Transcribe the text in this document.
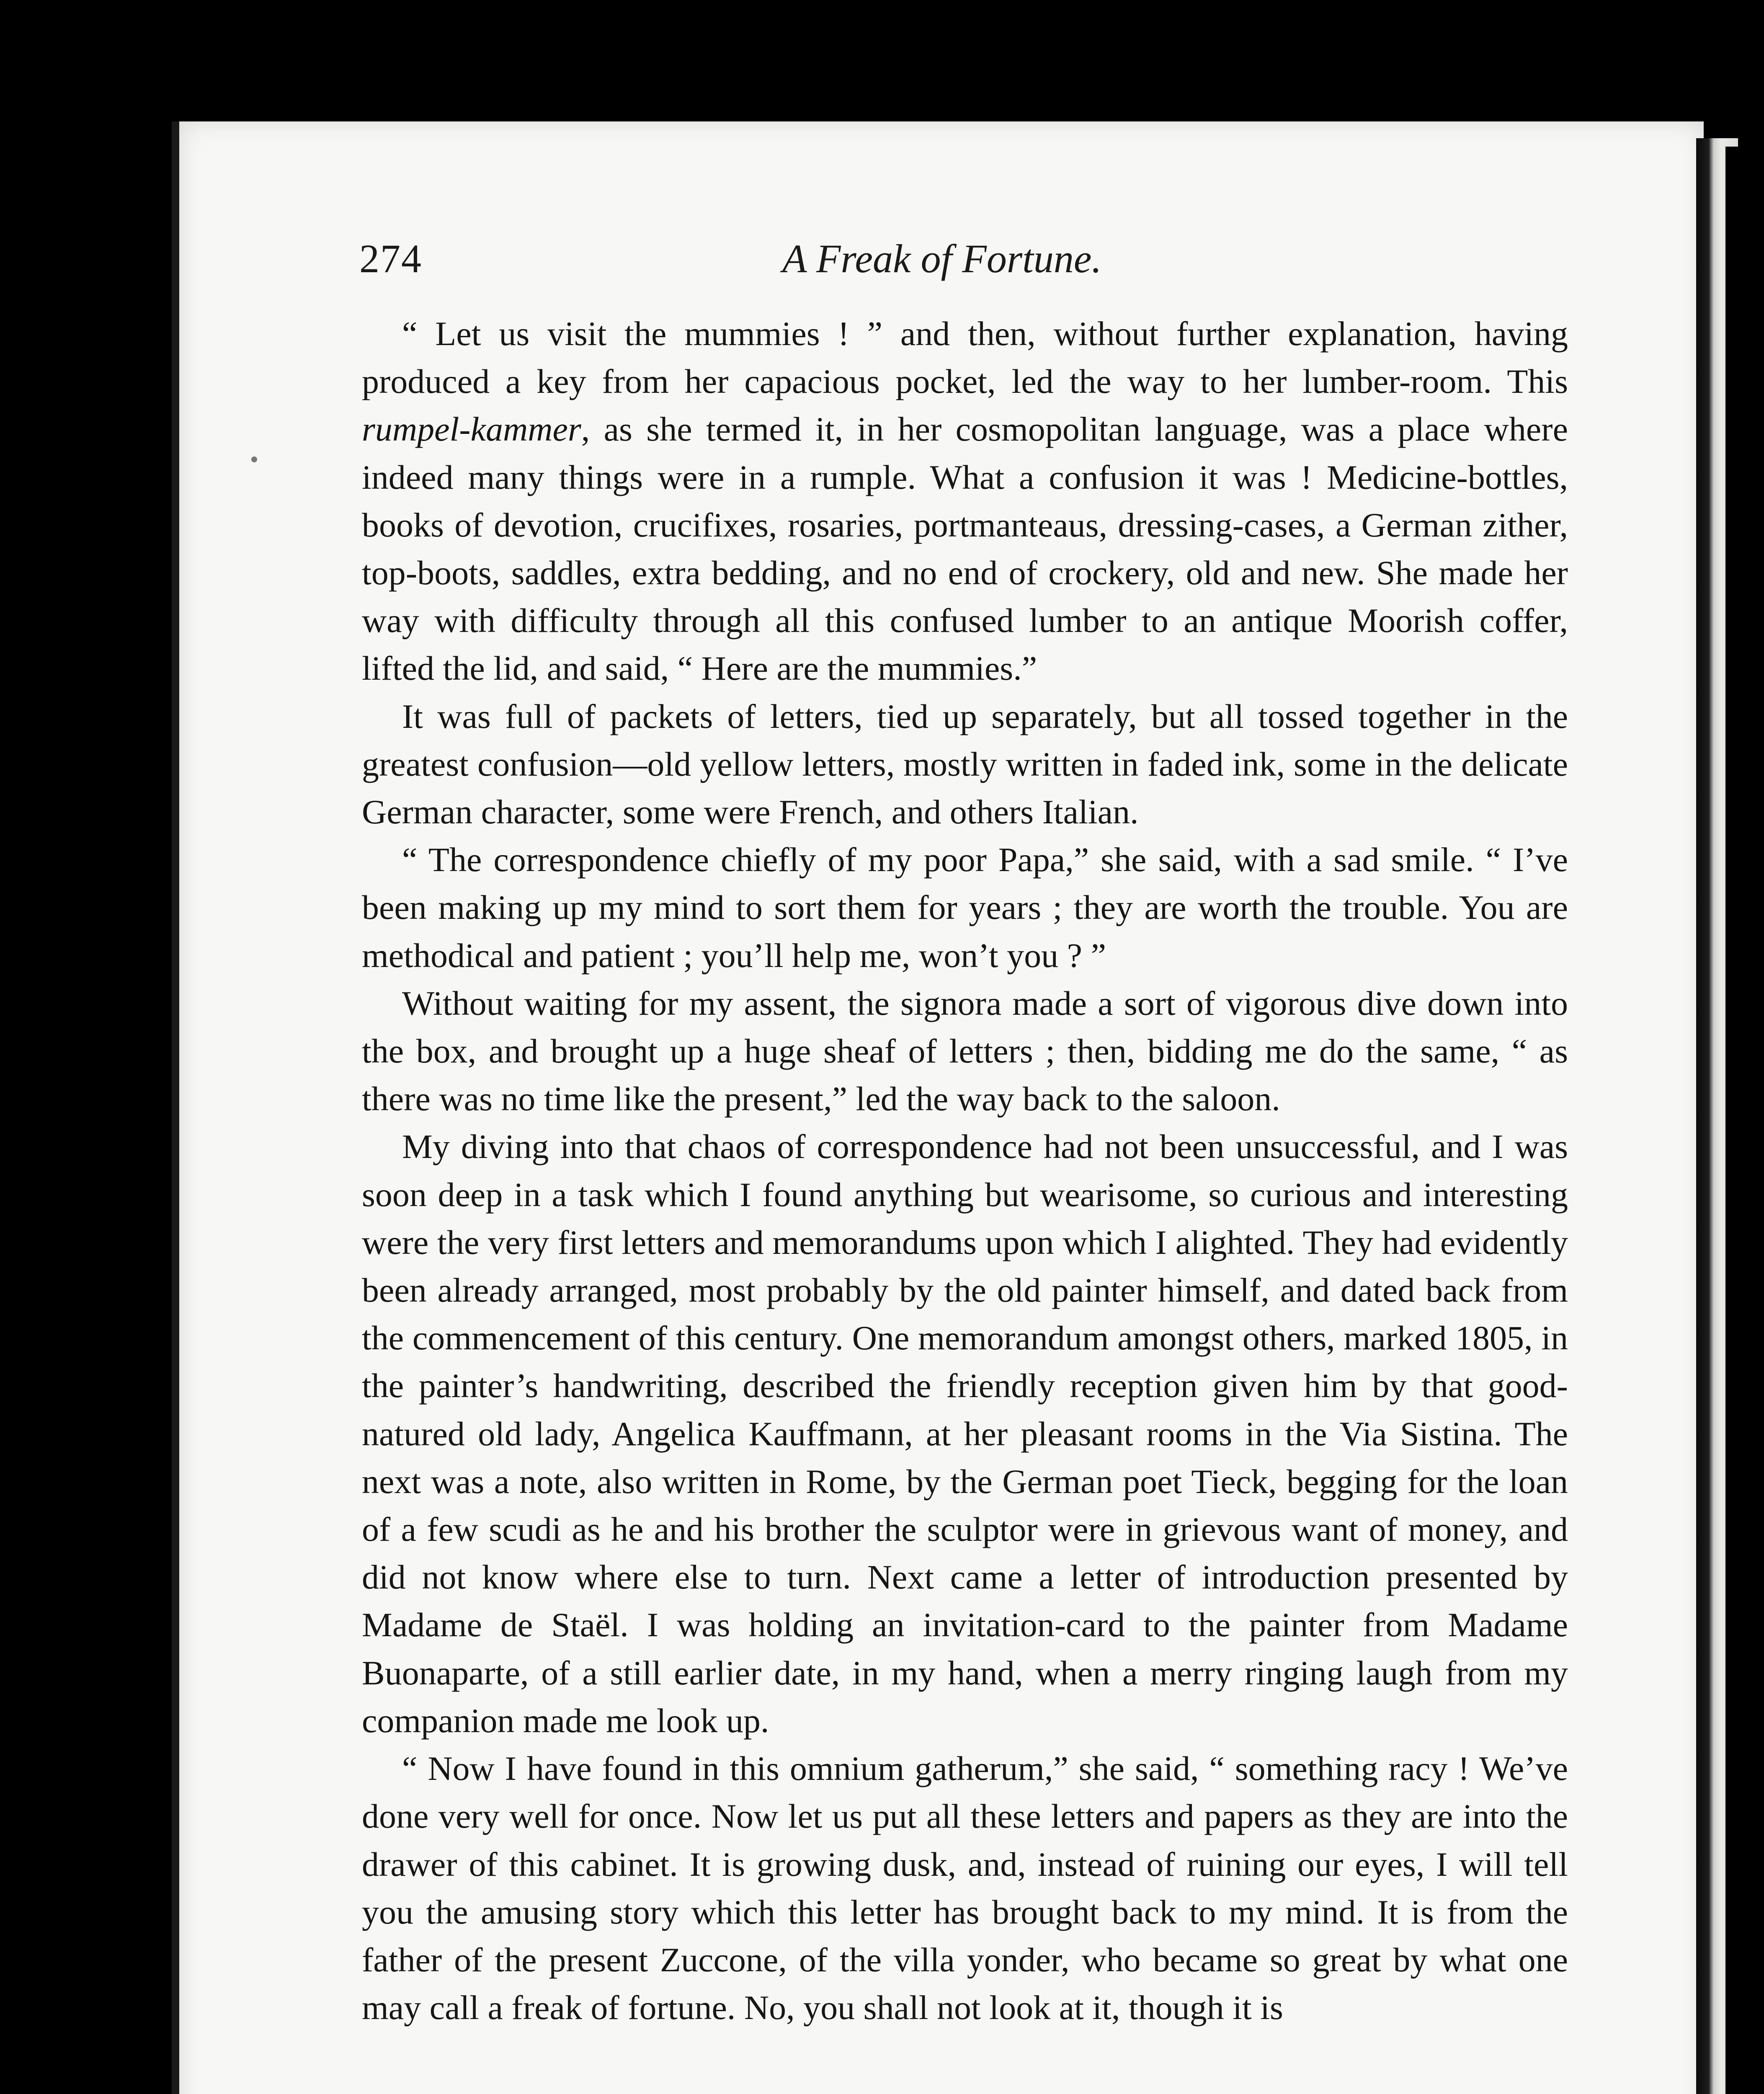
274	A Freak of Fortune.

“ Let us visit the mummies ! ” and then, without further explanation, having produced a key from her capacious pocket, led the way to her lumber-room. This rumpel-kammer, as she termed it, in her cosmopolitan language, was a place where indeed many things were in a rumple. What a confusion it was ! Medicine-bottles, books of devotion, crucifixes, rosaries, portmanteaus, dressing-cases, a German zither, top-boots, saddles, extra bedding, and no end of crockery, old and new. She made her way with difficulty through all this confused lumber to an antique Moorish coffer, lifted the lid, and said, “ Here are the mummies.”

It was full of packets of letters, tied up separately, but all tossed together in the greatest confusion—old yellow letters, mostly written in faded ink, some in the delicate German character, some were French, and others Italian.

“ The correspondence chiefly of my poor Papa,” she said, with a sad smile. “ I’ve been making up my mind to sort them for years ; they are worth the trouble. You are methodical and patient ; you’ll help me, won’t you ? ”

Without waiting for my assent, the signora made a sort of vigorous dive down into the box, and brought up a huge sheaf of letters ; then, bidding me do the same, “ as there was no time like the present,” led the way back to the saloon.

My diving into that chaos of correspondence had not been unsuccessful, and I was soon deep in a task which I found anything but wearisome, so curious and interesting were the very first letters and memorandums upon which I alighted. They had evidently been already arranged, most probably by the old painter himself, and dated back from the commencement of this century. One memorandum amongst others, marked 1805, in the painter’s handwriting, described the friendly reception given him by that good-natured old lady, Angelica Kauffmann, at her pleasant rooms in the Via Sistina. The next was a note, also written in Rome, by the German poet Tieck, begging for the loan of a few scudi as he and his brother the sculptor were in grievous want of money, and did not know where else to turn. Next came a letter of introduction presented by Madame de Staël. I was holding an invitation-card to the painter from Madame Buonaparte, of a still earlier date, in my hand, when a merry ringing laugh from my companion made me look up.

“ Now I have found in this omnium gatherum,” she said, “ something racy ! We’ve done very well for once. Now let us put all these letters and papers as they are into the drawer of this cabinet. It is growing dusk, and, instead of ruining our eyes, I will tell you the amusing story which this letter has brought back to my mind. It is from the father of the present Zuccone, of the villa yonder, who became so great by what one may call a freak of fortune. No, you shall not look at it, though it is
